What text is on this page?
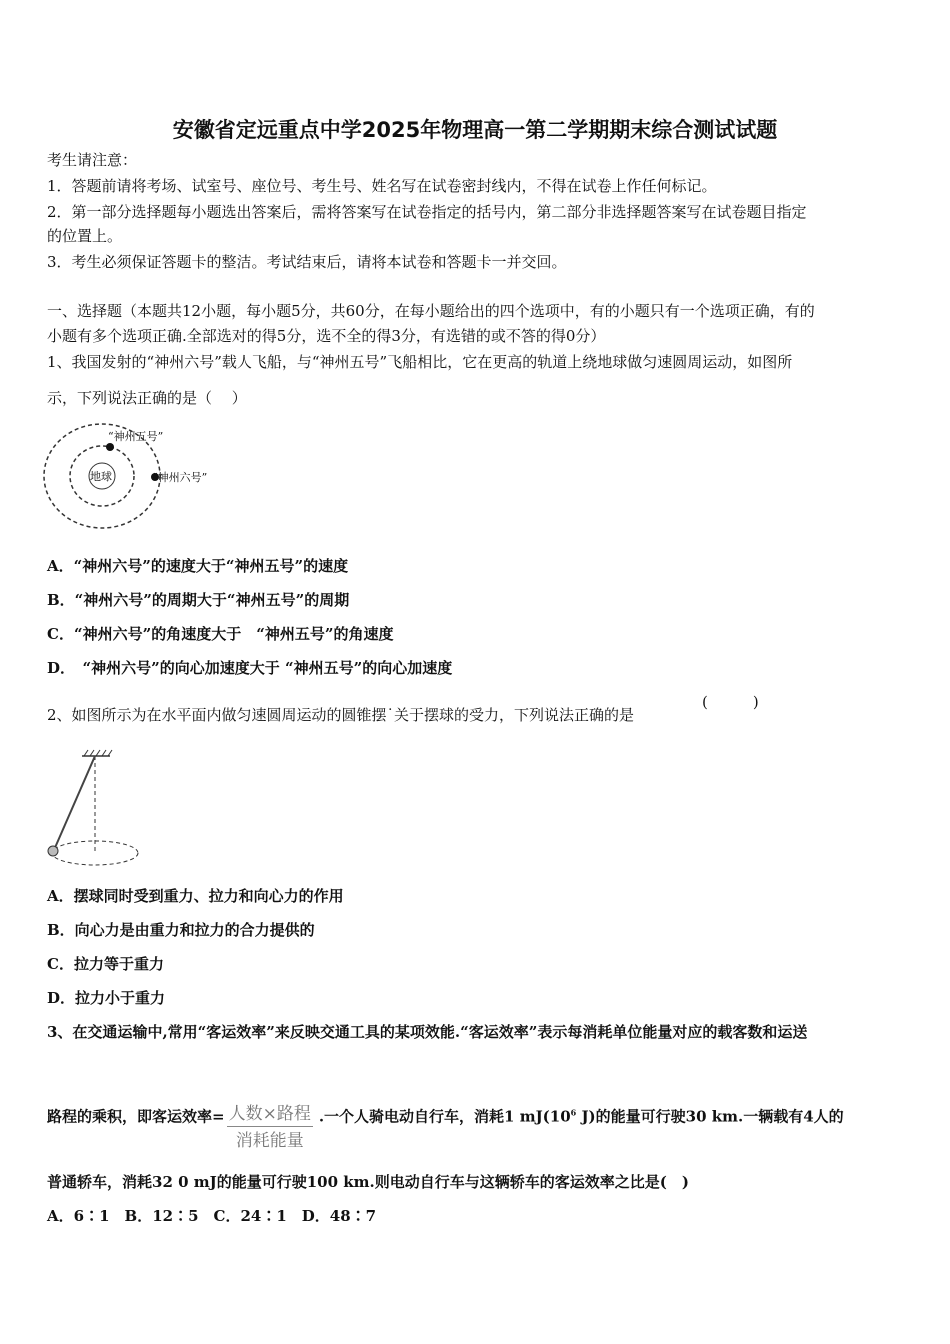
安徽省定远重点中学2025年物理高一第二学期期末综合测试试题
考生请注意：
1．答题前请将考场、试室号、座位号、考生号、姓名写在试卷密封线内，不得在试卷上作任何标记。
2．第一部分选择题每小题选出答案后，需将答案写在试卷指定的括号内，第二部分非选择题答案写在试卷题目指定
的位置上。
3．考生必须保证答题卡的整洁。考试结束后，请将本试卷和答题卡一并交回。
一、选择题（本题共12小题，每小题5分，共60分，在每小题给出的四个选项中，有的小题只有一个选项正确，有的
小题有多个选项正确.全部选对的得5分，选不全的得3分，有选错的或不答的得0分）
1、我国发射的“神州六号”载人飞船，与“神州五号”飞船相比，它在更高的轨道上绕地球做匀速圆周运动，如图所
示，下列说法正确的是（　 ）
“神州五号”
“神州六号”
地球
A．“神州六号”的速度大于“神州五号”的速度
B．“神州六号”的周期大于“神州五号”的周期
C．“神州六号”的角速度大于　“神州五号”的角速度
D．　“神州六号”的向心加速度大于 “神州五号”的向心加速度
2、如图所示为在水平面内做匀速圆周运动的圆锥摆˙关于摆球的受力，下列说法正确的是
(　　　)
A．摆球同时受到重力、拉力和向心力的作用
B．向心力是由重力和拉力的合力提供的
C．拉力等于重力
D．拉力小于重力
3、在交通运输中,常用“客运效率”来反映交通工具的某项效能.“客运效率”表示每消耗单位能量对应的载客数和运送
路程的乘积，即客运效率= $\frac{\text{人数×路程}}{\text{消耗能量}}$ .一个人骑电动自行车，消耗1 $mJ(10^6$ J)的能量可行驶30 km.一辆载有4人的
普通轿车，消耗32 0 mJ的能量可行驶100 km.则电动自行车与这辆轿车的客运效率之比是(　)
A．6∶1　B．12∶5　C．24∶1　D．48∶7
